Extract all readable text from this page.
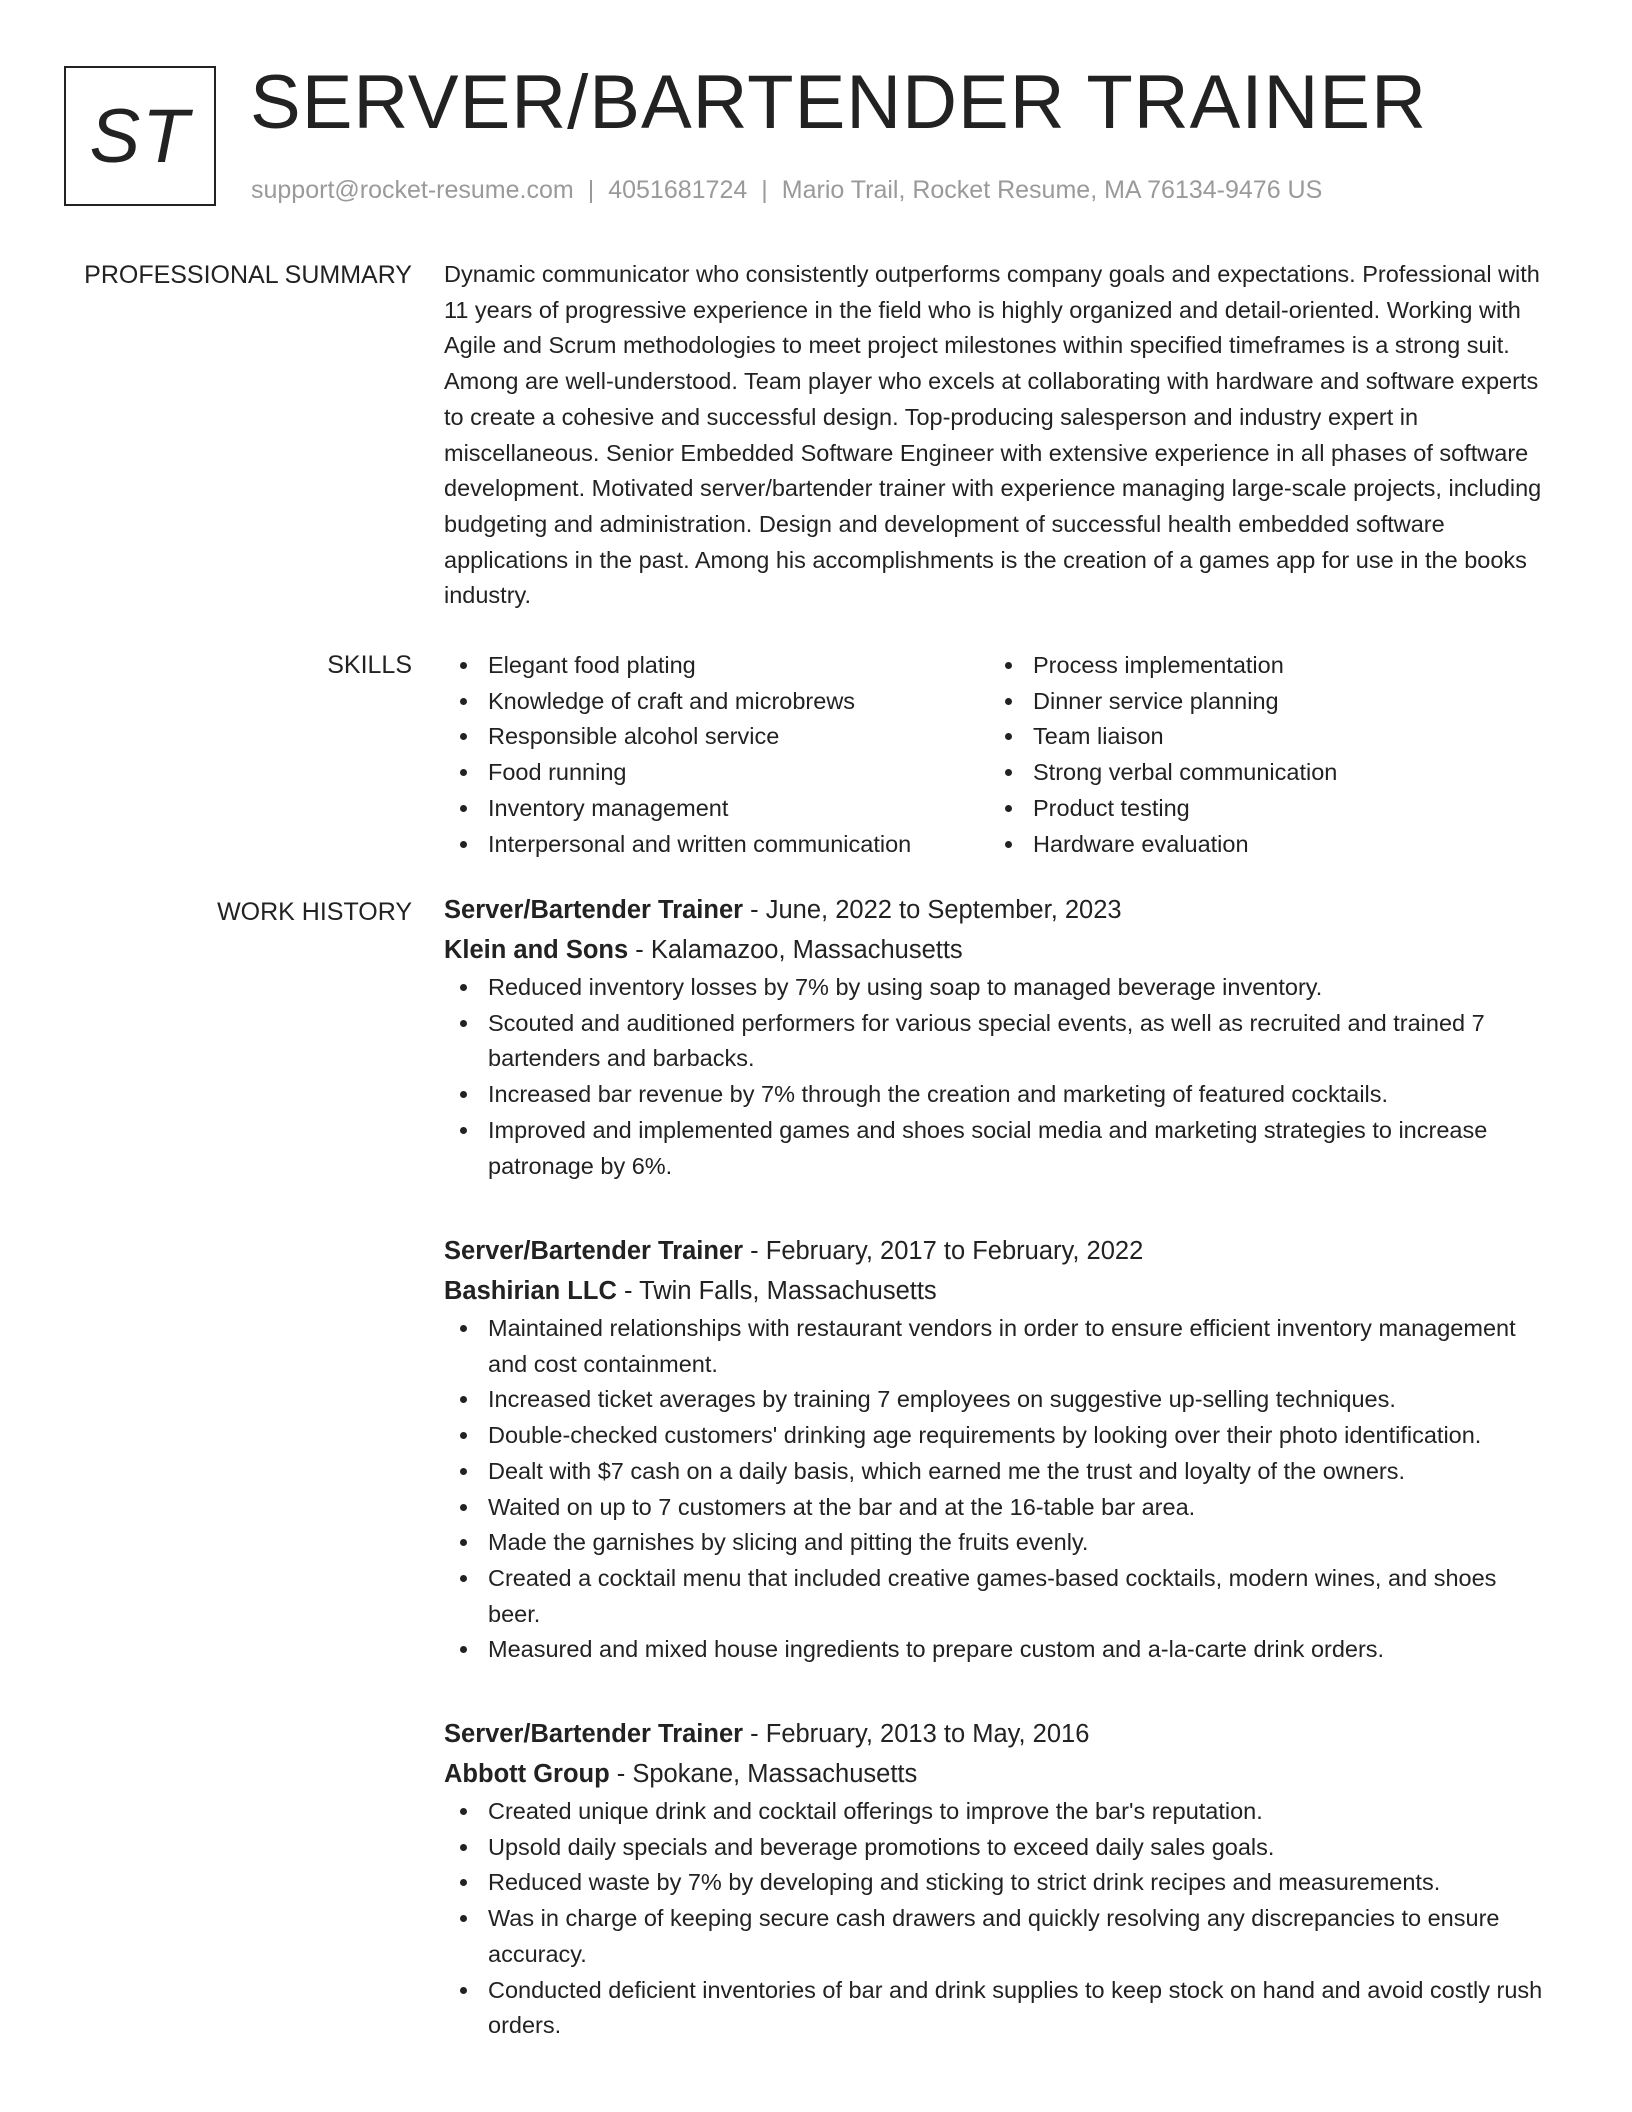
ST SERVER/BARTENDER TRAINER
support@rocket-resume.com | 4051681724 | Mario Trail, Rocket Resume, MA 76134-9476 US
PROFESSIONAL SUMMARY Dynamic communicator who consistently outperforms company goals and expectations. Professional with 11 years of progressive experience in the field who is highly organized and detail-oriented. Working with Agile and Scrum methodologies to meet project milestones within specified timeframes is a strong suit. Among are well-understood. Team player who excels at collaborating with hardware and software experts to create a cohesive and successful design. Top-producing salesperson and industry expert in miscellaneous. Senior Embedded Software Engineer with extensive experience in all phases of software development. Motivated server/bartender trainer with experience managing large-scale projects, including budgeting and administration. Design and development of successful health embedded software applications in the past. Among his accomplishments is the creation of a games app for use in the books industry.

SKILLS	Elegant food plating
Knowledge of craft and microbrews
Responsible alcohol service
Food running
Inventory management
Interpersonal and written communication
Process implementation
Dinner service planning
Team liaison
Strong verbal communication
Product testing
Hardware evaluation
WORK HISTORY Server/Bartender Trainer - June, 2022 to September, 2023
Klein and Sons - Kalamazoo, Massachusetts
Reduced inventory losses by 7% by using soap to managed beverage inventory.
Scouted and auditioned performers for various special events, as well as recruited and trained 7 bartenders and barbacks.
Increased bar revenue by 7% through the creation and marketing of featured cocktails.
Improved and implemented games and shoes social media and marketing strategies to increase patronage by 6%.
Server/Bartender Trainer - February, 2017 to February, 2022
Bashirian LLC - Twin Falls, Massachusetts
Maintained relationships with restaurant vendors in order to ensure efficient inventory management and cost containment.
Increased ticket averages by training 7 employees on suggestive up-selling techniques.
Double-checked customers' drinking age requirements by looking over their photo identification.
Dealt with $7 cash on a daily basis, which earned me the trust and loyalty of the owners.
Waited on up to 7 customers at the bar and at the 16-table bar area.
Made the garnishes by slicing and pitting the fruits evenly.
Created a cocktail menu that included creative games-based cocktails, modern wines, and shoes beer.
Measured and mixed house ingredients to prepare custom and a-la-carte drink orders.
Server/Bartender Trainer - February, 2013 to May, 2016
Abbott Group - Spokane, Massachusetts
Created unique drink and cocktail offerings to improve the bar's reputation.
Upsold daily specials and beverage promotions to exceed daily sales goals.
Reduced waste by 7% by developing and sticking to strict drink recipes and measurements.
Was in charge of keeping secure cash drawers and quickly resolving any discrepancies to ensure accuracy.
Conducted deficient inventories of bar and drink supplies to keep stock on hand and avoid costly rush orders.
